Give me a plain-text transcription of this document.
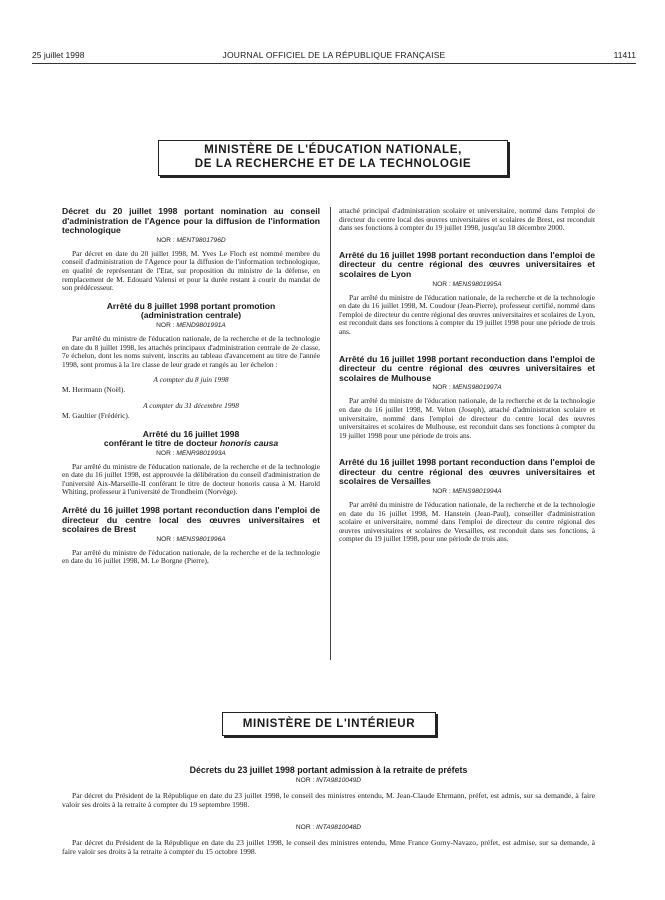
25 juillet 1998	JOURNAL OFFICIEL DE LA RÉPUBLIQUE FRANÇAISE	11411
MINISTÈRE DE L'ÉDUCATION NATIONALE,
DE LA RECHERCHE ET DE LA TECHNOLOGIE

Décret du 20 juillet 1998 portant nomination au conseil d'administration de l'Agence pour la diffusion de l'information technologique

NOR : MENT9801796D

Par décret en date du 20 juillet 1998, M. Yves Le Floch est nommé membre du conseil d'administration de l'Agence pour la diffusion de l'information technologique, en qualité de représentant de l'Etat, sur proposition du ministre de la défense, en remplacement de M. Edouard Valensi et pour la durée restant à courir du mandat de son prédécesseur.

Arrêté du 8 juillet 1998 portant promotion

(administration centrale)

NOR : MEND9801991A

Par arrêté du ministre de l'éducation nationale, de la recherche et de la technologie en date du 8 juillet 1998, les attachés principaux d'administration centrale de 2e classe, 7e échelon, dont les noms suivent, inscrits au tableau d'avancement au titre de l'année 1998, sont promus à la 1re classe de leur grade et rangés au 1er échelon :

A compter du 8 juin 1998

M. Herrmann (Noël).

A compter du 31 décembre 1998

M. Gaultier (Frédéric).

Arrêté du 16 juillet 1998

conférant le titre de docteur honoris causa

NOR : MENR9801993A

Par arrêté du ministre de l'éducation nationale, de la recherche et de la technologie en date du 16 juillet 1998, est approuvée la délibération du conseil d'administration de l'université Aix-Marseille-II conférant le titre de docteur honoris causa à M. Harold Whiting, professeur à l'université de Trondheim (Norvège).

Arrêté du 16 juillet 1998 portant reconduction dans l'emploi de directeur du centre local des œuvres universitaires et scolaires de Brest

NOR : MENS9801996A

Par arrêté du ministre de l'éducation nationale, de la recherche et de la technologie en date du 16 juillet 1998, M. Le Borgne (Pierre),

attaché principal d'administration scolaire et universitaire, nommé dans l'emploi de directeur du centre local des œuvres universitaires et scolaires de Brest, est reconduit dans ses fonctions à compter du 19 juillet 1998, jusqu'au 18 décembre 2000.

Arrêté du 16 juillet 1998 portant reconduction dans l'emploi de directeur du centre régional des œuvres universitaires et scolaires de Lyon

NOR : MENS9801995A

Par arrêté du ministre de l'éducation nationale, de la recherche et de la technologie en date du 16 juillet 1998, M. Coudour (Jean-Pierre), professeur certifié, nommé dans l'emploi de directeur du centre régional des œuvres universitaires et scolaires de Lyon, est reconduit dans ses fonctions à compter du 19 juillet 1998 pour une période de trois ans.

Arrêté du 16 juillet 1998 portant reconduction dans l'emploi de directeur du centre régional des œuvres universitaires et scolaires de Mulhouse

NOR : MENS9801997A

Par arrêté du ministre de l'éducation nationale, de la recherche et de la technologie en date du 16 juillet 1998, M. Velten (Joseph), attaché d'administration scolaire et universitaire, nommé dans l'emploi de directeur du centre local des œuvres universitaires et scolaires de Mulhouse, est reconduit dans ses fonctions à compter du 19 juillet 1998 pour une période de trois ans.

Arrêté du 16 juillet 1998 portant reconduction dans l'emploi de directeur du centre régional des œuvres universitaires et scolaires de Versailles

NOR : MENS9801994A

Par arrêté du ministre de l'éducation nationale, de la recherche et de la technologie en date du 16 juillet 1998, M. Hanstein (Jean-Paul), conseiller d'administration scolaire et universitaire, nommé dans l'emploi de directeur du centre régional des œuvres universitaires et scolaires de Versailles, est reconduit dans ses fonctions, à compter du 19 juillet 1998, pour une période de trois ans.

MINISTÈRE DE L'INTÉRIEUR

Décrets du 23 juillet 1998 portant admission à la retraite de préfets

NOR : INTA9810049D

Par décret du Président de la République en date du 23 juillet 1998, le conseil des ministres entendu, M. Jean-Claude Ehrmann, préfet, est admis, sur sa demande, à faire valoir ses droits à la retraite à compter du 19 septembre 1998.

NOR : INTA9810048D

Par décret du Président de la République en date du 23 juillet 1998, le conseil des ministres entendu, Mme France Gorny-Navazo, préfet, est admise, sur sa demande, à faire valoir ses droits à la retraite à compter du 15 octobre 1998.
